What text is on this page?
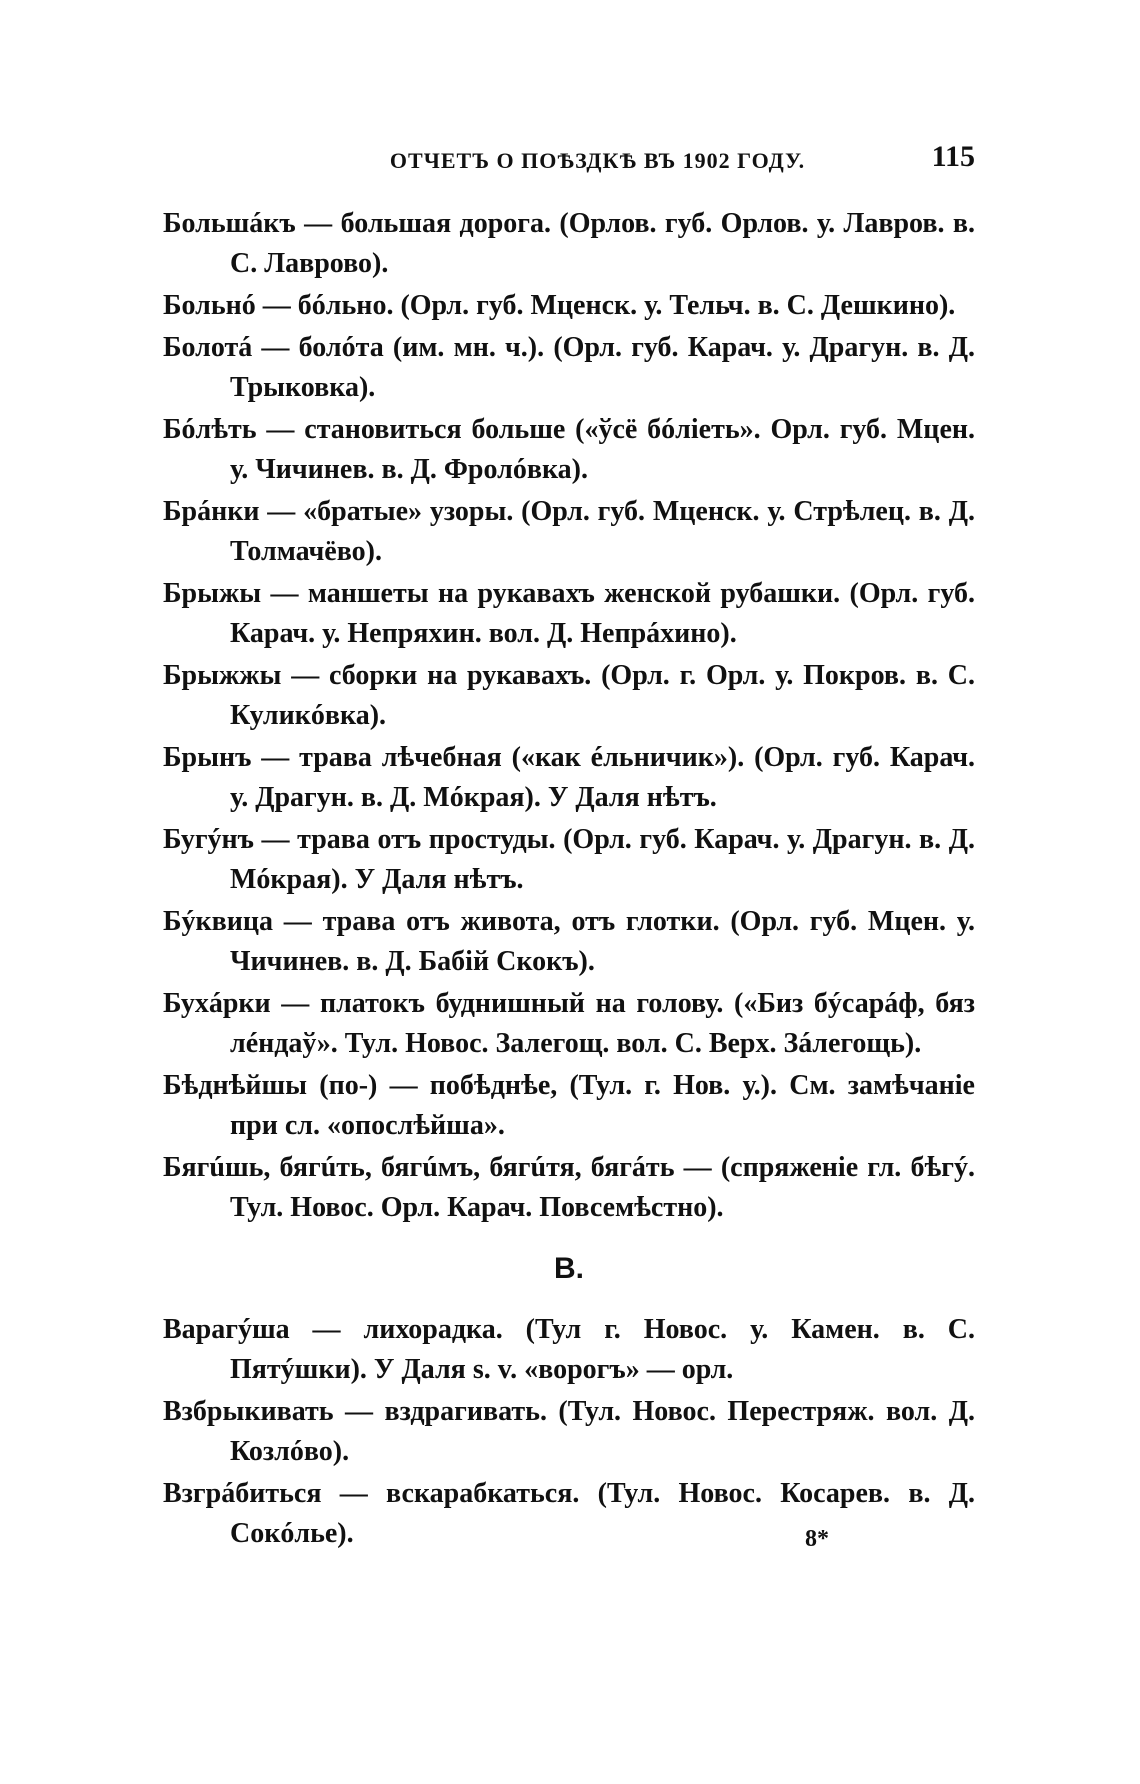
ОТЧЕТЪ О ПОѢЗДКѢ ВЪ 1902 ГОДУ.	115

Большáкъ — большая дорога. (Орлов. губ. Орлов. у. Лавров. в. С. Лаврово).

Больнó — бóльно. (Орл. губ. Мценск. у. Тельч. в. С. Дешкино).

Болотá — болóта (им. мн. ч.). (Орл. губ. Карач. у. Драгун. в. Д. Трыковка).

Бóлѣть — становиться больше («ўсё бóлiеть». Орл. губ. Мцен. у. Чичинев. в. Д. Фролóвка).

Брáнки — «братые» узоры. (Орл. губ. Мценск. у. Стрѣлец. в. Д. Толмачёво).

Брыжы — маншеты на рукавахъ женской рубашки. (Орл. губ. Карач. у. Непряхин. вол. Д. Непрáхино).

Брыжжы — сборки на рукавахъ. (Орл. г. Орл. у. Покров. в. С. Куликóвка).

Брынъ — трава лѣчебная («как éльничик»). (Орл. губ. Карач. у. Драгун. в. Д. Мóкрая). У Даля нѣтъ.

Бугýнъ — трава отъ простуды. (Орл. губ. Карач. у. Драгун. в. Д. Мóкрая). У Даля нѣтъ.

Бýквица — трава отъ живота, отъ глотки. (Орл. губ. Мцен. у. Чичинев. в. Д. Бабiй Скокъ).

Бухáрки — платокъ буднишный на голову. («Биз бýсарáф, бяз лéндаў». Тул. Новос. Залегощ. вол. С. Верх. Зáлегощь).

Бѣднѣйшы (по-) — побѣднѣе, (Тул. г. Нов. у.). См. замѣчанiе при сл. «опослѣйша».

Бягúшь, бягúть, бягúмъ, бягúтя, бягáть — (спряженiе гл. бѣгý. Тул. Новос. Орл. Карач. Повсемѣстно).

В.

Варагýша — лихорадка. (Тул г. Новос. у. Камен. в. С. Пятýшки). У Даля s. v. «ворогъ» — орл.

Взбрыкивать — вздрагивать. (Тул. Новос. Перестряж. вол. Д. Козлóво).

Взгрáбиться — вскарабкаться. (Тул. Новос. Косарев. в. Д. Сокóлье).	8*
